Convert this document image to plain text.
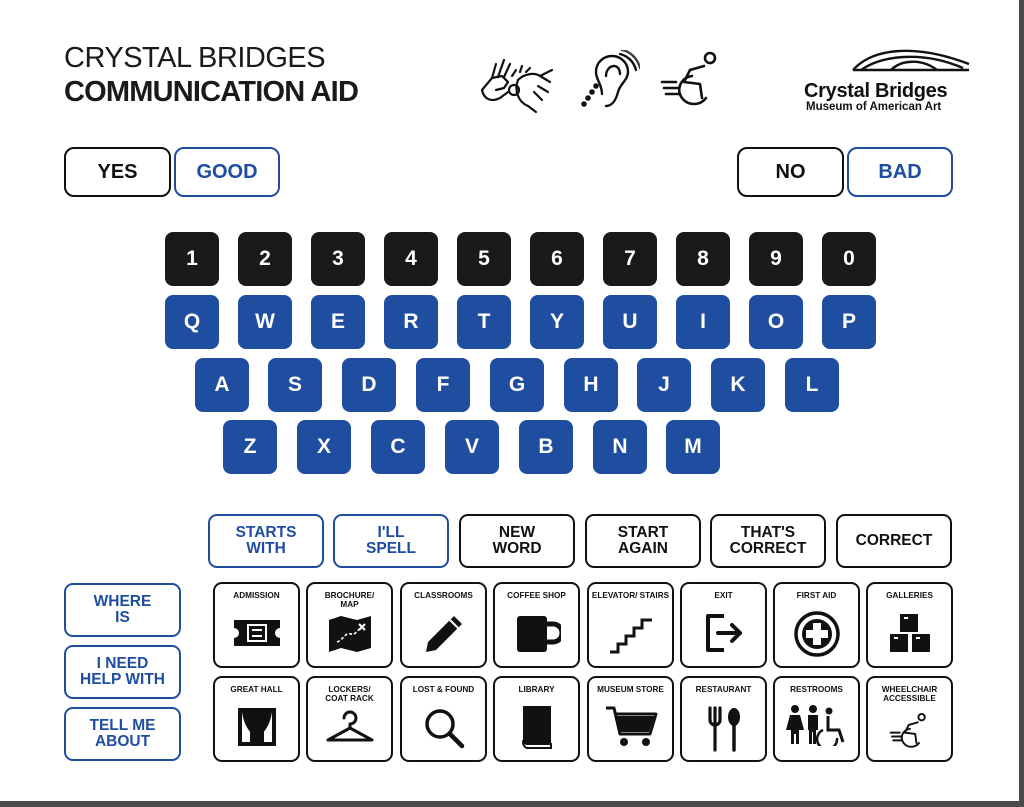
CRYSTAL BRIDGES
COMMUNICATION AID	Crystal Bridges
Museum of American Art
YES	GOOD	NO	BAD
1	2	3	4	5	6	7	8	9	0
Q	W	E	R	T	Y	U	I	O	P
A	S	D	F	G	H	J	K	L
Z	X	C	V	B	N	M
STARTS
WITH
I'LL
SPELL
NEW
WORD
START
AGAIN
THAT'S
CORRECT	CORRECT
WHERE
IS
I NEED
HELP WITH
TELL ME
ABOUT
ADMISSION	BROCHURE/
MAP
CLASSROOMS	COFFEE SHOP	ELEVATOR/ STAIRS	EXIT	FIRST AID	GALLERIES
GREAT HALL	LOCKERS/
COAT RACK
LOST & FOUND	LIBRARY	MUSEUM STORE	RESTAURANT	RESTROOMS	WHEELCHAIR
ACCESSIBLE
